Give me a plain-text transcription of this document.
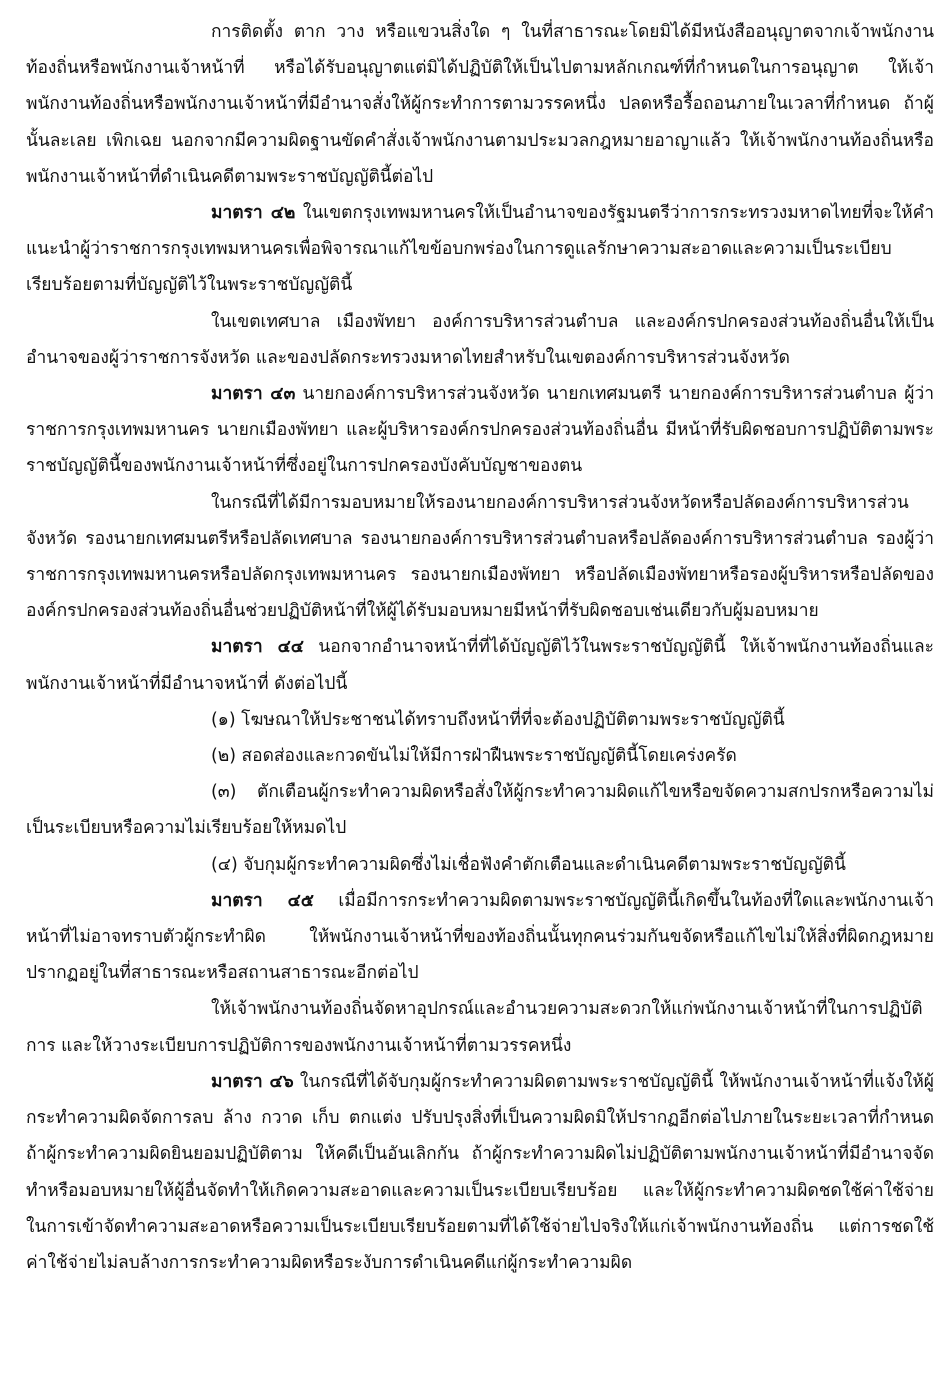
การติดตั้ง ตาก วาง หรือแขวนสิ่งใด ๆ ในที่สาธารณะโดยมิได้มีหนังสืออนุญาตจากเจ้าพนักงานท้องถิ่นหรือพนักงานเจ้าหน้าที่ หรือได้รับอนุญาตแต่มิได้ปฏิบัติให้เป็นไปตามหลักเกณฑ์ที่กำหนดในการอนุญาต ให้เจ้าพนักงานท้องถิ่นหรือพนักงานเจ้าหน้าที่มีอำนาจสั่งให้ผู้กระทำการตามวรรคหนึ่ง ปลดหรือรื้อถอนภายในเวลาที่กำหนด ถ้าผู้นั้นละเลย เพิกเฉย นอกจากมีความผิดฐานขัดคำสั่งเจ้าพนักงานตามประมวลกฎหมายอาญาแล้ว ให้เจ้าพนักงานท้องถิ่นหรือพนักงานเจ้าหน้าที่ดำเนินคดีตามพระราชบัญญัตินี้ต่อไป

มาตรา ๔๒ ในเขตกรุงเทพมหานครให้เป็นอำนาจของรัฐมนตรีว่าการกระทรวงมหาดไทยที่จะให้คำแนะนำผู้ว่าราชการกรุงเทพมหานครเพื่อพิจารณาแก้ไขข้อบกพร่องในการดูแลรักษาความสะอาดและความเป็นระเบียบเรียบร้อยตามที่บัญญัติไว้ในพระราชบัญญัตินี้

ในเขตเทศบาล เมืองพัทยา องค์การบริหารส่วนตำบล และองค์กรปกครองส่วนท้องถิ่นอื่นให้เป็นอำนาจของผู้ว่าราชการจังหวัด และของปลัดกระทรวงมหาดไทยสำหรับในเขตองค์การบริหารส่วนจังหวัด

มาตรา ๔๓ นายกองค์การบริหารส่วนจังหวัด นายกเทศมนตรี นายกองค์การบริหารส่วนตำบล ผู้ว่าราชการกรุงเทพมหานคร นายกเมืองพัทยา และผู้บริหารองค์กรปกครองส่วนท้องถิ่นอื่น มีหน้าที่รับผิดชอบการปฏิบัติตามพระราชบัญญัตินี้ของพนักงานเจ้าหน้าที่ซึ่งอยู่ในการปกครองบังคับบัญชาของตน

ในกรณีที่ได้มีการมอบหมายให้รองนายกองค์การบริหารส่วนจังหวัดหรือปลัดองค์การบริหารส่วนจังหวัด รองนายกเทศมนตรีหรือปลัดเทศบาล รองนายกองค์การบริหารส่วนตำบลหรือปลัดองค์การบริหารส่วนตำบล รองผู้ว่าราชการกรุงเทพมหานครหรือปลัดกรุงเทพมหานคร รองนายกเมืองพัทยา หรือปลัดเมืองพัทยาหรือรองผู้บริหารหรือปลัดขององค์กรปกครองส่วนท้องถิ่นอื่นช่วยปฏิบัติหน้าที่ให้ผู้ได้รับมอบหมายมีหน้าที่รับผิดชอบเช่นเดียวกับผู้มอบหมาย

มาตรา ๔๔ นอกจากอำนาจหน้าที่ที่ได้บัญญัติไว้ในพระราชบัญญัตินี้ ให้เจ้าพนักงานท้องถิ่นและพนักงานเจ้าหน้าที่มีอำนาจหน้าที่ ดังต่อไปนี้

(๑) โฆษณาให้ประชาชนได้ทราบถึงหน้าที่ที่จะต้องปฏิบัติตามพระราชบัญญัตินี้

(๒) สอดส่องและกวดขันไม่ให้มีการฝ่าฝืนพระราชบัญญัตินี้โดยเคร่งครัด

(๓) ตักเตือนผู้กระทำความผิดหรือสั่งให้ผู้กระทำความผิดแก้ไขหรือขจัดความสกปรกหรือความไม่เป็นระเบียบหรือความไม่เรียบร้อยให้หมดไป

(๔) จับกุมผู้กระทำความผิดซึ่งไม่เชื่อฟังคำตักเตือนและดำเนินคดีตามพระราชบัญญัตินี้

มาตรา ๔๕ เมื่อมีการกระทำความผิดตามพระราชบัญญัตินี้เกิดขึ้นในท้องที่ใดและพนักงานเจ้าหน้าที่ไม่อาจทราบตัวผู้กระทำผิด ให้พนักงานเจ้าหน้าที่ของท้องถิ่นนั้นทุกคนร่วมกันขจัดหรือแก้ไขไม่ให้สิ่งที่ผิดกฎหมายปรากฏอยู่ในที่สาธารณะหรือสถานสาธารณะอีกต่อไป

ให้เจ้าพนักงานท้องถิ่นจัดหาอุปกรณ์และอำนวยความสะดวกให้แก่พนักงานเจ้าหน้าที่ในการปฏิบัติการ และให้วางระเบียบการปฏิบัติการของพนักงานเจ้าหน้าที่ตามวรรคหนึ่ง

มาตรา ๔๖ ในกรณีที่ได้จับกุมผู้กระทำความผิดตามพระราชบัญญัตินี้ ให้พนักงานเจ้าหน้าที่แจ้งให้ผู้กระทำความผิดจัดการลบ ล้าง กวาด เก็บ ตกแต่ง ปรับปรุงสิ่งที่เป็นความผิดมิให้ปรากฏอีกต่อไปภายในระยะเวลาที่กำหนด ถ้าผู้กระทำความผิดยินยอมปฏิบัติตาม ให้คดีเป็นอันเลิกกัน ถ้าผู้กระทำความผิดไม่ปฏิบัติตามพนักงานเจ้าหน้าที่มีอำนาจจัดทำหรือมอบหมายให้ผู้อื่นจัดทำให้เกิดความสะอาดและความเป็นระเบียบเรียบร้อย และให้ผู้กระทำความผิดชดใช้ค่าใช้จ่ายในการเข้าจัดทำความสะอาดหรือความเป็นระเบียบเรียบร้อยตามที่ได้ใช้จ่ายไปจริงให้แก่เจ้าพนักงานท้องถิ่น แต่การชดใช้ค่าใช้จ่ายไม่ลบล้างการกระทำความผิดหรือระงับการดำเนินคดีแก่ผู้กระทำความผิด
